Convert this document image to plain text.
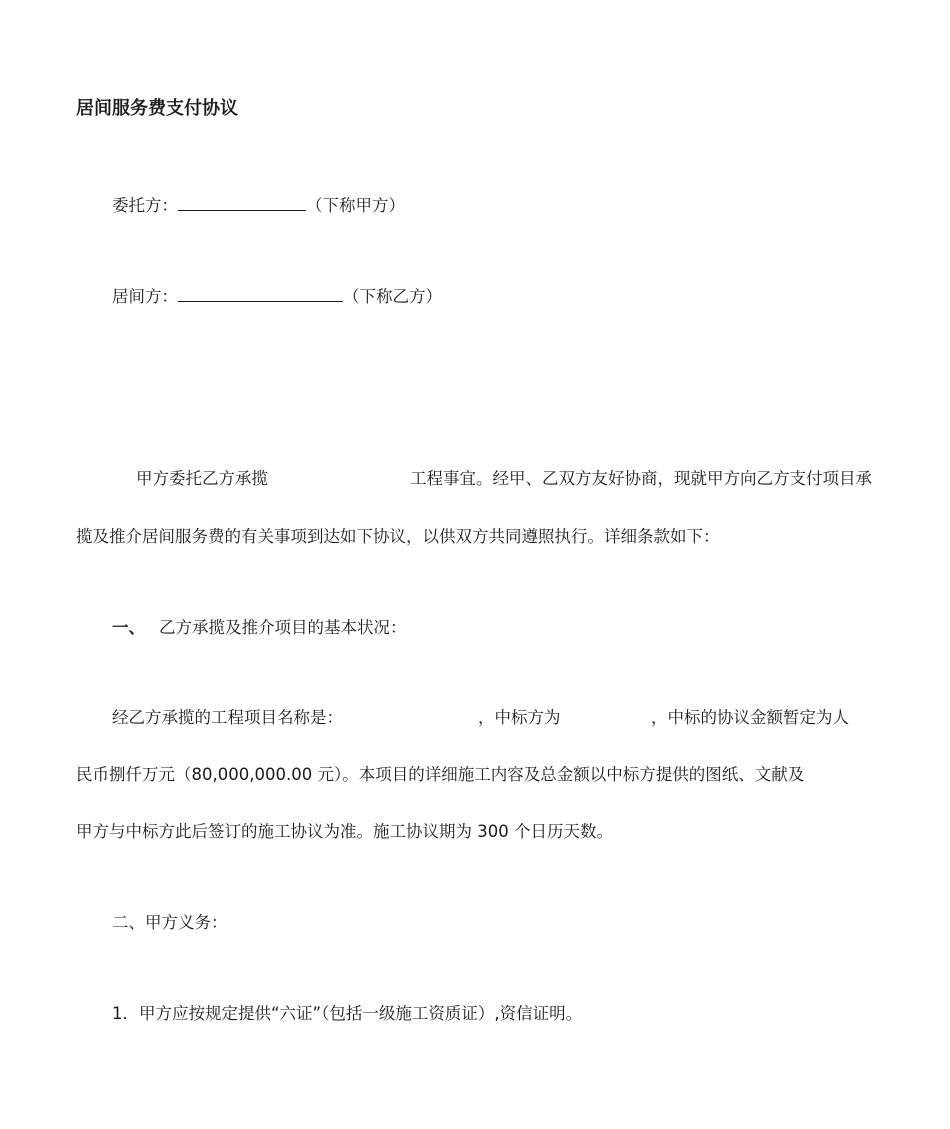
居间服务费支付协议
委托方：	（下称甲方）
居间方：	（下称乙方）
甲方委托乙方承揽	工程事宜。经甲、乙双方友好协商，现就甲方向乙方支付项目承
揽及推介居间服务费的有关事项到达如下协议，以供双方共同遵照执行。详细条款如下：
一、 乙方承揽及推介项目的基本状况：
经乙方承揽的工程项目名称是：	，中标方为	，中标的协议金额暂定为人
民币捌仟万元（80,000,000.00 元）。本项目的详细施工内容及总金额以中标方提供的图纸、文献及
甲方与中标方此后签订的施工协议为准。施工协议期为 300 个日历天数。
二、甲方义务：
1．甲方应按规定提供“六证”（包括一级施工资质证）,资信证明。
